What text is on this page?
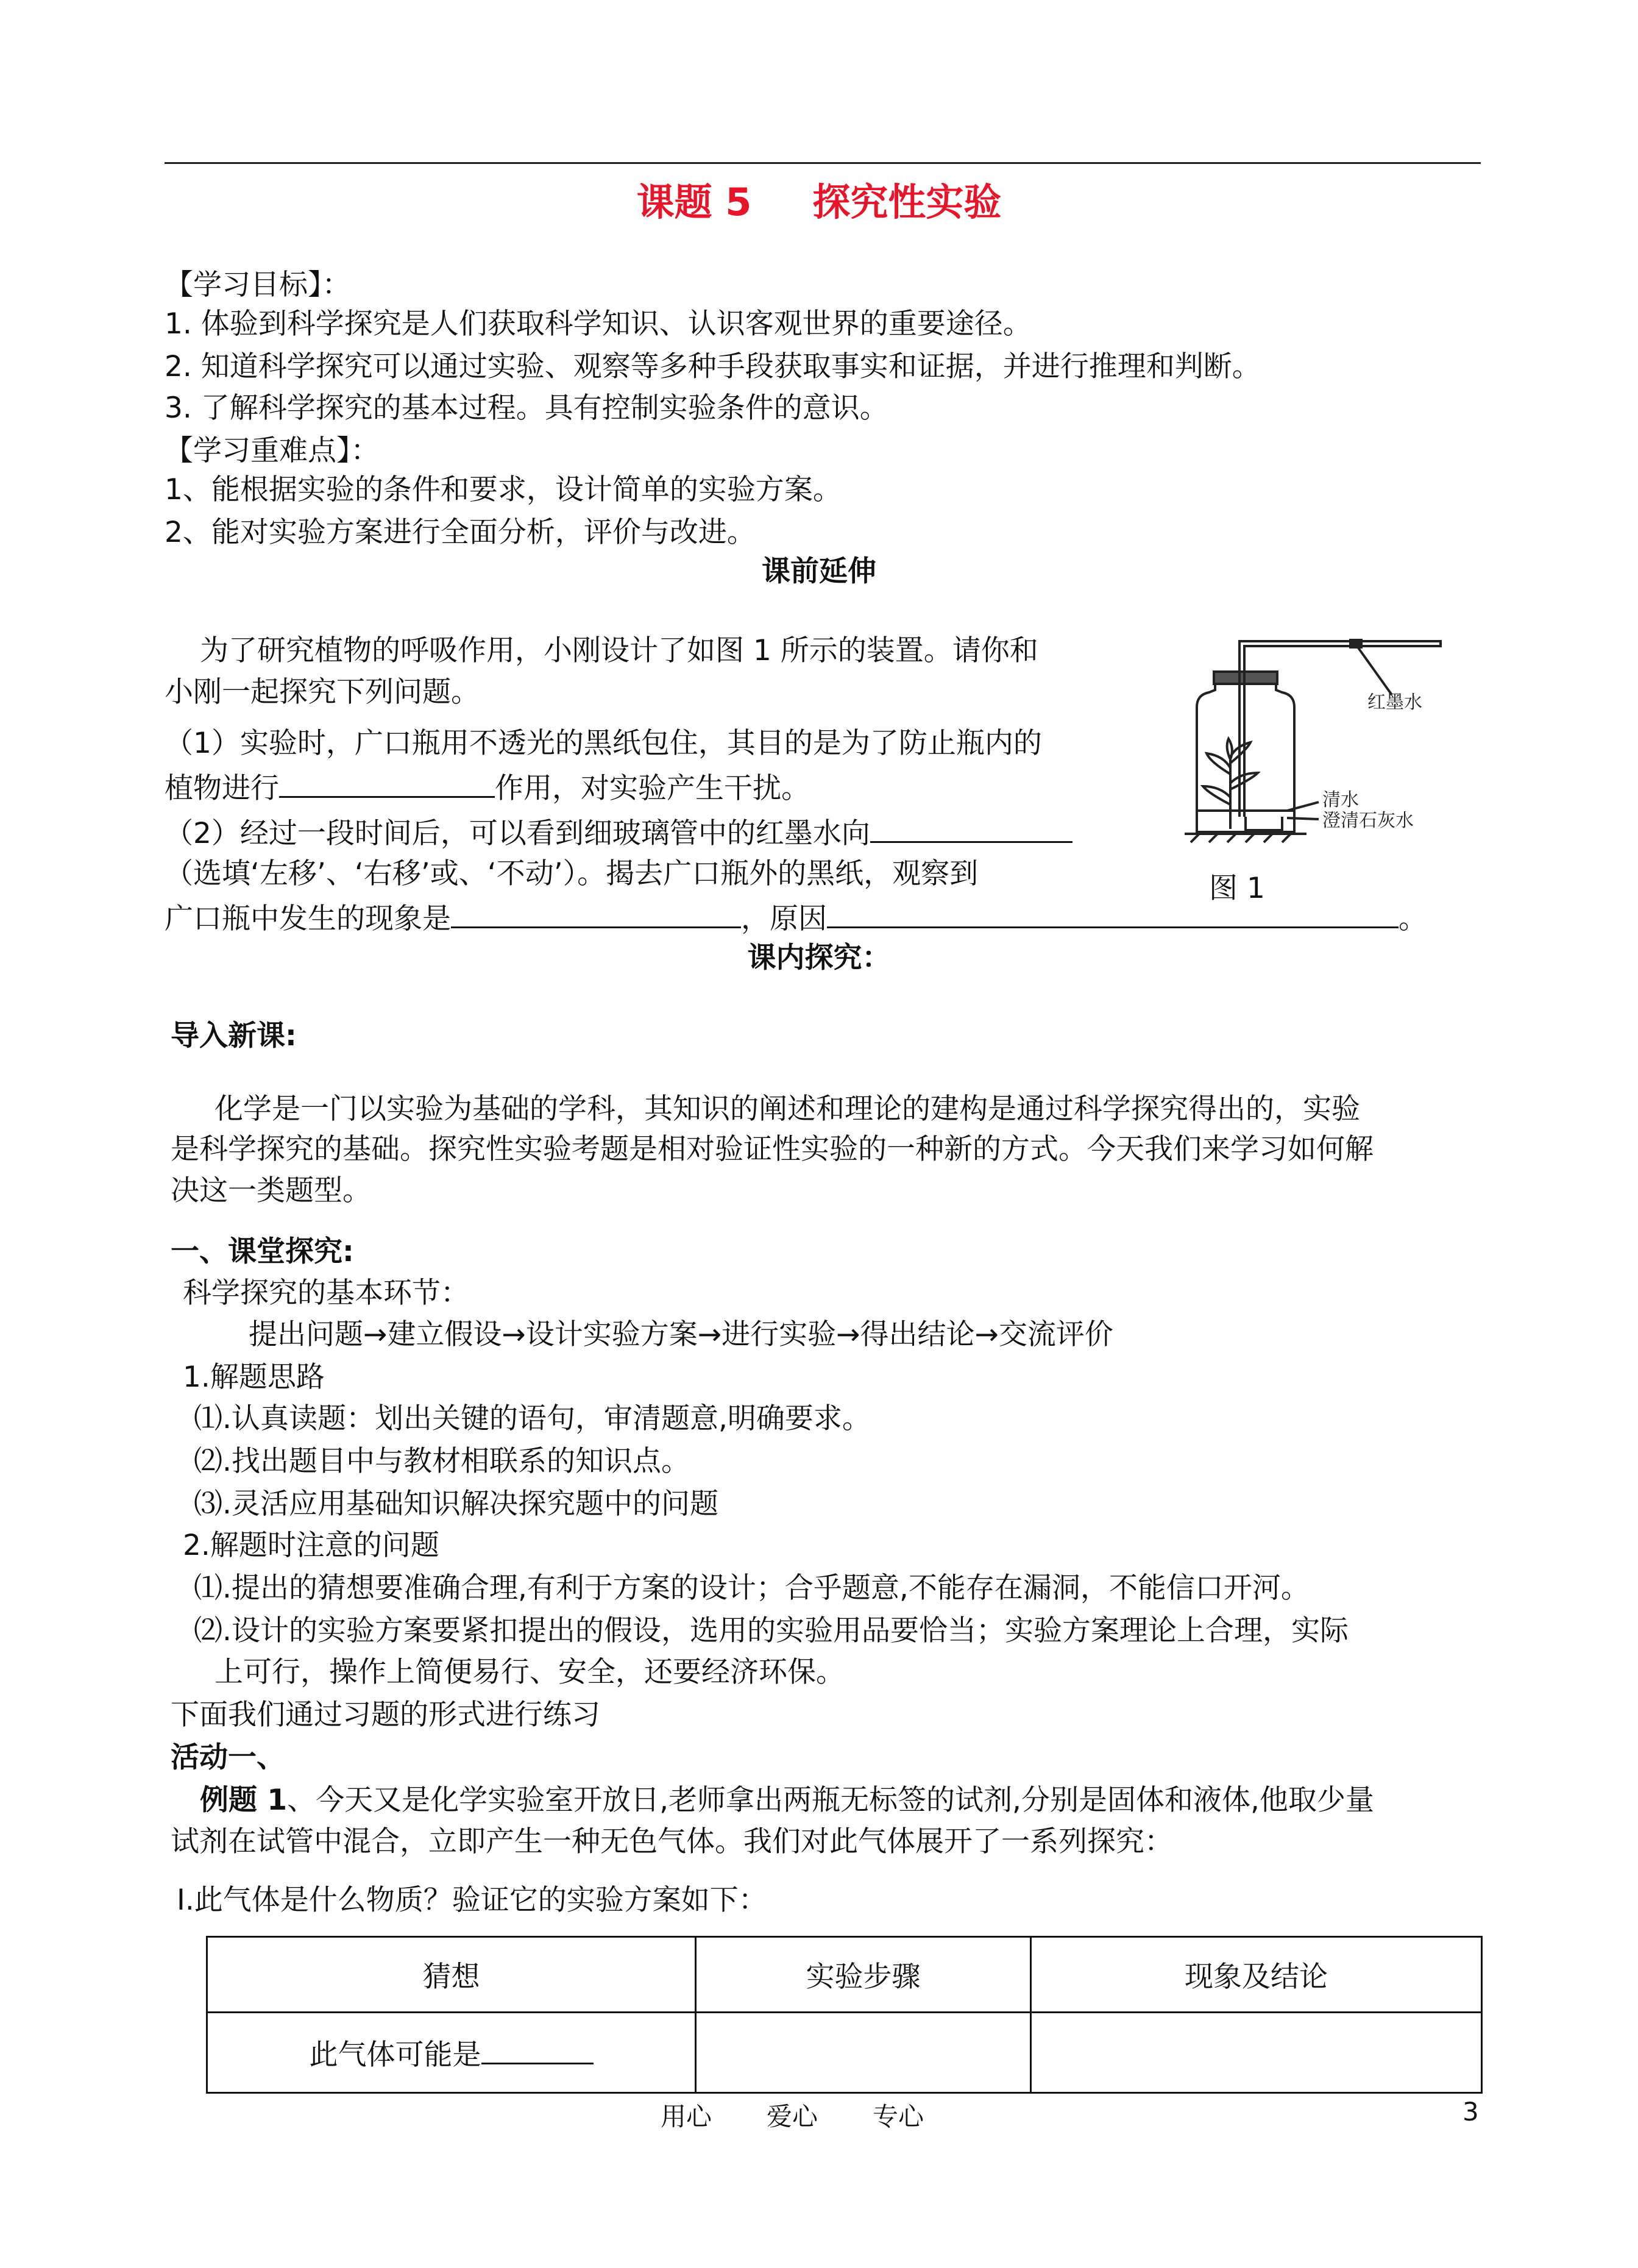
课题 5 探究性实验
【学习目标】：
1. 体验到科学探究是人们获取科学知识、认识客观世界的重要途径。
2. 知道科学探究可以通过实验、观察等多种手段获取事实和证据，并进行推理和判断。
3. 了解科学探究的基本过程。具有控制实验条件的意识。
【学习重难点】：
1、能根据实验的条件和要求，设计简单的实验方案。
2、能对实验方案进行全面分析，评价与改进。
课前延伸
为了研究植物的呼吸作用，小刚设计了如图 1 所示的装置。请你和
小刚一起探究下列问题。
（1）实验时，广口瓶用不透光的黑纸包住，其目的是为了防止瓶内的
植物进行	作用，对实验产生干扰。
（2）经过一段时间后，可以看到细玻璃管中的红墨水向
（选填‘左移’、‘右移’或、‘不动’）。揭去广口瓶外的黑纸，观察到
广口瓶中发生的现象是	，原因	。
红墨水
清水
澄清石灰水
图 1
课内探究：
导入新课:
化学是一门以实验为基础的学科，其知识的阐述和理论的建构是通过科学探究得出的，实验
是科学探究的基础。探究性实验考题是相对验证性实验的一种新的方式。今天我们来学习如何解
决这一类题型。
一、课堂探究:
科学探究的基本环节：
提出问题→建立假设→设计实验方案→进行实验→得出结论→交流评价
1.解题思路
⑴.认真读题：划出关键的语句，审清题意,明确要求。
⑵.找出题目中与教材相联系的知识点。
⑶.灵活应用基础知识解决探究题中的问题
2.解题时注意的问题
⑴.提出的猜想要准确合理,有利于方案的设计；合乎题意,不能存在漏洞，不能信口开河。
⑵.设计的实验方案要紧扣提出的假设，选用的实验用品要恰当；实验方案理论上合理，实际
上可行，操作上简便易行、安全，还要经济环保。
下面我们通过习题的形式进行练习
活动一、
例题 1、今天又是化学实验室开放日,老师拿出两瓶无标签的试剂,分别是固体和液体,他取少量
试剂在试管中混合，立即产生一种无色气体。我们对此气体展开了一系列探究：
Ⅰ.此气体是什么物质？验证它的实验方案如下：
猜想	实验步骤	现象及结论
此气体可能是		
用心 爱心 专心	3
